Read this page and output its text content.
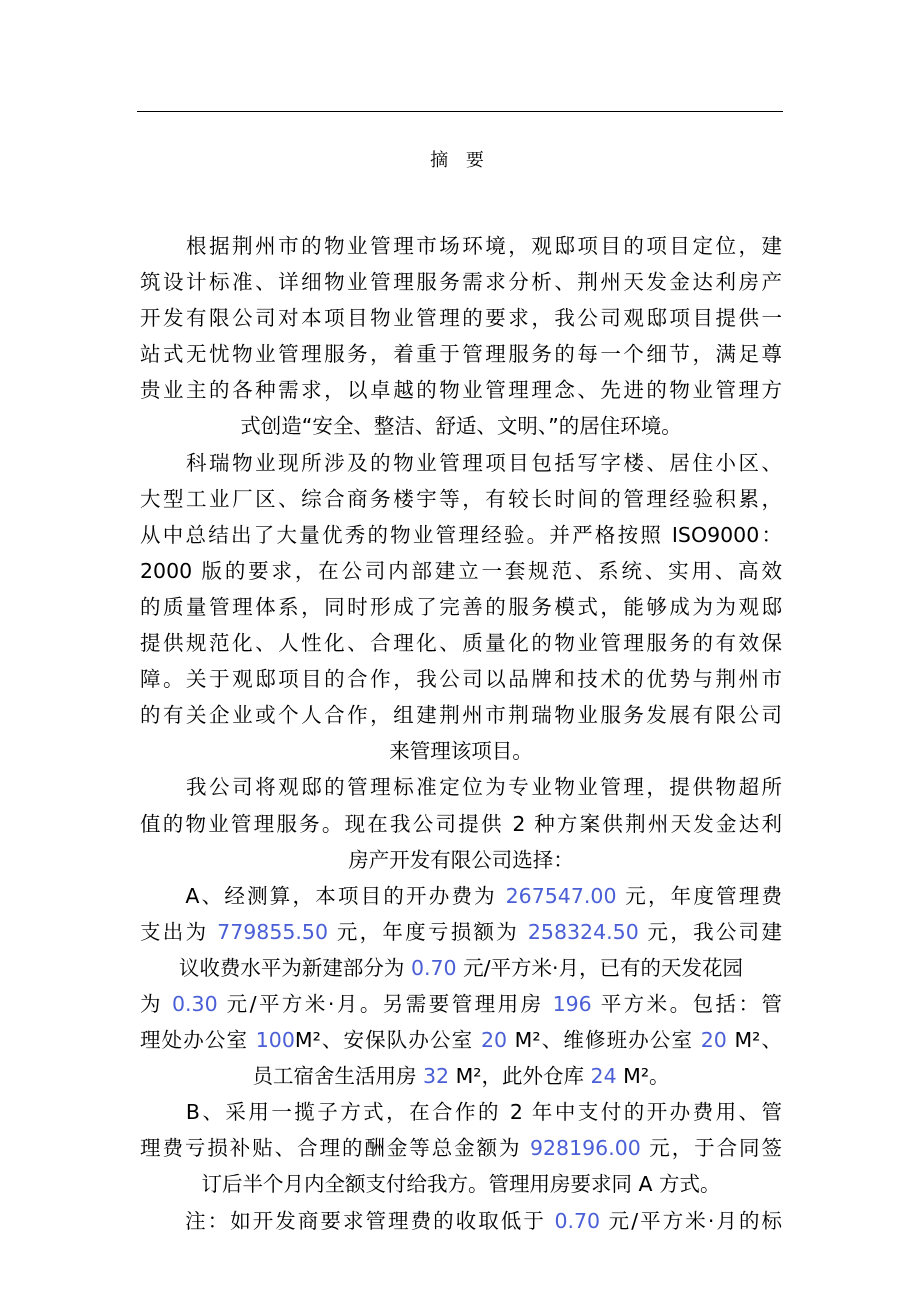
摘 要
　　根据荆州市的物业管理市场环境，观邸项目的项目定位，建
筑设计标准、详细物业管理服务需求分析、荆州天发金达利房产
开发有限公司对本项目物业管理的要求，我公司观邸项目提供一
站式无忧物业管理服务，着重于管理服务的每一个细节，满足尊
贵业主的各种需求，以卓越的物业管理理念、先进的物业管理方
式创造“安全、整洁、舒适、文明、”的居住环境。
　　科瑞物业现所涉及的物业管理项目包括写字楼、居住小区、
大型工业厂区、综合商务楼宇等，有较长时间的管理经验积累，
从中总结出了大量优秀的物业管理经验。并严格按照 ISO9000：
2000 版的要求，在公司内部建立一套规范、系统、实用、高效
的质量管理体系，同时形成了完善的服务模式，能够成为为观邸
提供规范化、人性化、合理化、质量化的物业管理服务的有效保
障。关于观邸项目的合作，我公司以品牌和技术的优势与荆州市
的有关企业或个人合作，组建荆州市荆瑞物业服务发展有限公司
来管理该项目。
　　我公司将观邸的管理标准定位为专业物业管理，提供物超所
值的物业管理服务。现在我公司提供 2 种方案供荆州天发金达利
房产开发有限公司选择：
　　A、经测算，本项目的开办费为 267547.00 元，年度管理费
支出为 779855.50 元，年度亏损额为 258324.50 元，我公司建
议收费水平为新建部分为 0.70 元/平方米·月，已有的天发花园
为 0.30 元/平方米·月。另需要管理用房 196 平方米。包括：管
理处办公室 100M²、安保队办公室 20 M²、维修班办公室 20 M²、
员工宿舍生活用房 32 M²，此外仓库 24 M²。
　　B、采用一揽子方式，在合作的 2 年中支付的开办费用、管
理费亏损补贴、合理的酬金等总金额为 928196.00 元，于合同签
订后半个月内全额支付给我方。管理用房要求同 A 方式。
　　注：如开发商要求管理费的收取低于 0.70 元/平方米·月的标
